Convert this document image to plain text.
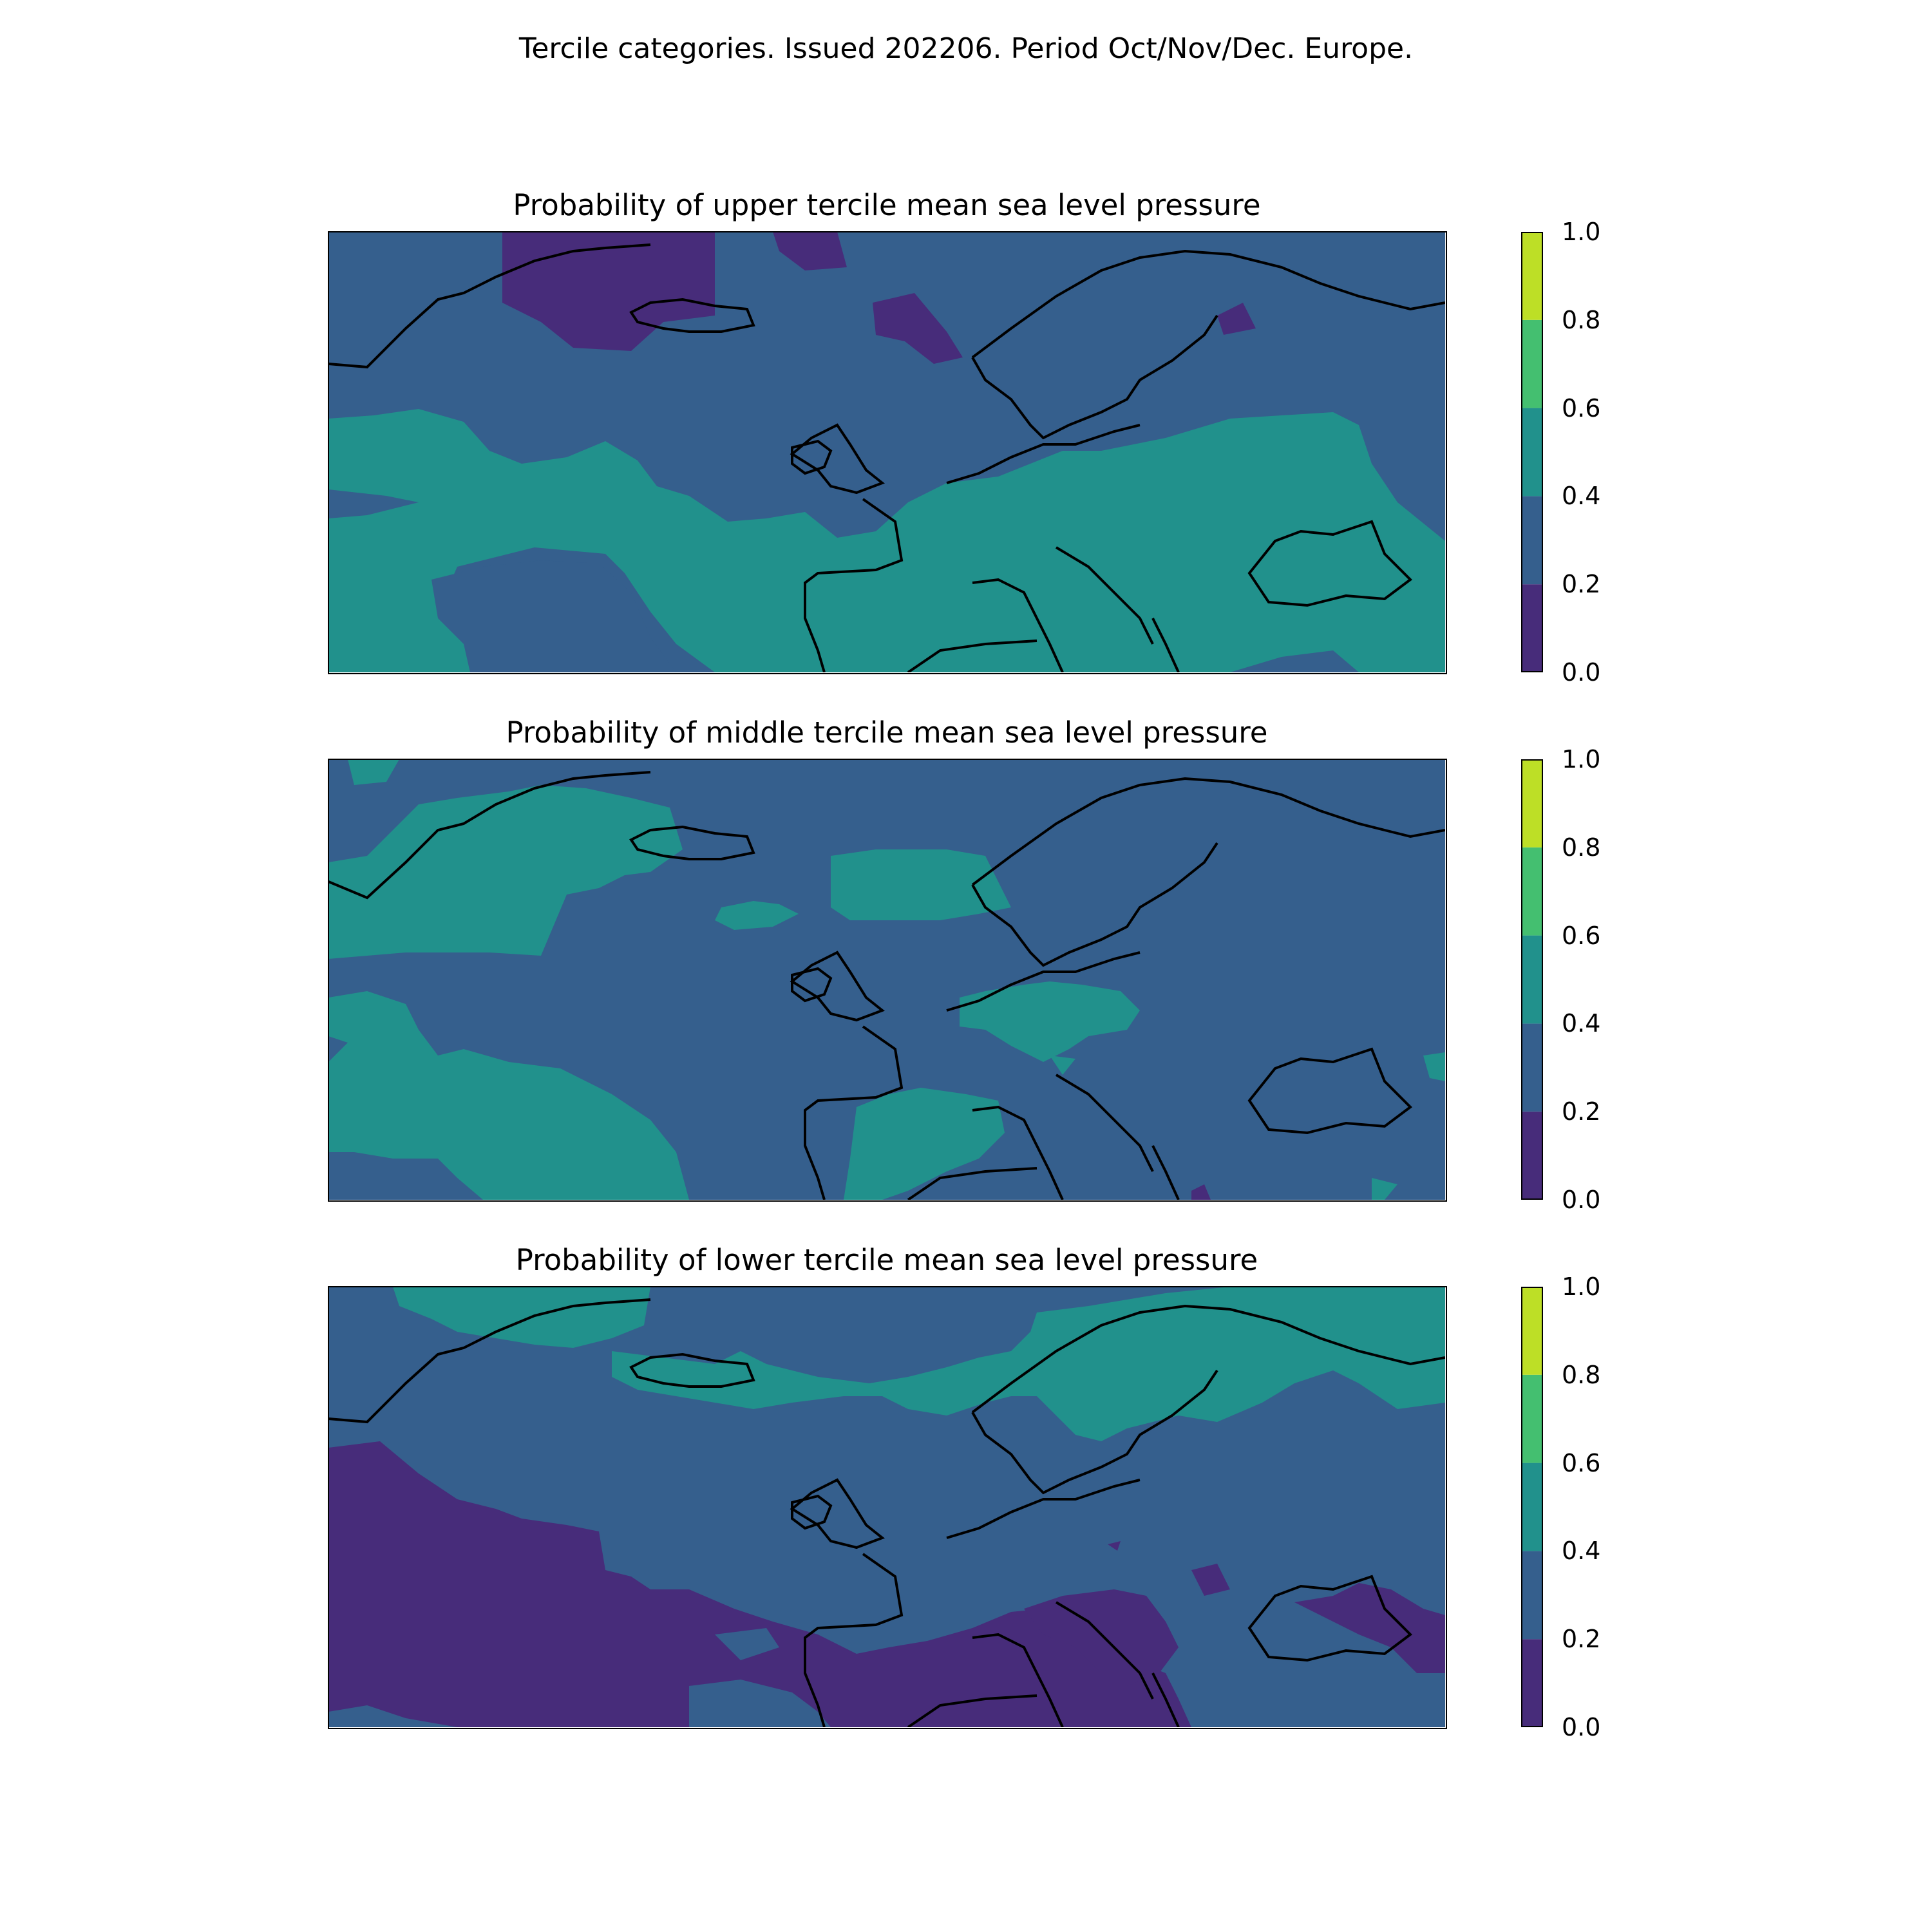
Tercile categories. Issued 202206. Period Oct/Nov/Dec. Europe.
Probability of upper tercile mean sea level pressure
0.0
0.2
0.4
0.6
0.8
1.0
Probability of middle tercile mean sea level pressure
0.0
0.2
0.4
0.6
0.8
1.0
Probability of lower tercile mean sea level pressure
0.0
0.2
0.4
0.6
0.8
1.0
